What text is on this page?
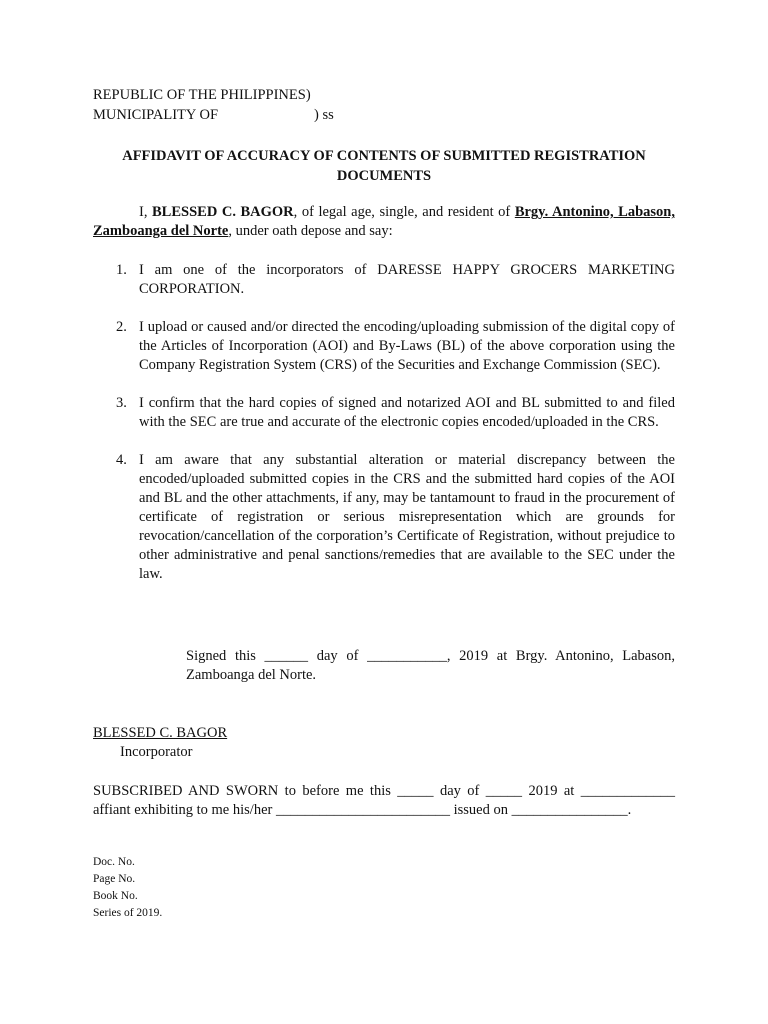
REPUBLIC OF THE PHILIPPINES)
MUNICIPALITY OF	) ss
AFFIDAVIT OF ACCURACY OF CONTENTS OF SUBMITTED REGISTRATION DOCUMENTS
I, BLESSED C. BAGOR, of legal age, single, and resident of Brgy. Antonino, Labason, Zamboanga del Norte, under oath depose and say:
1. I am one of the incorporators of DARESSE HAPPY GROCERS MARKETING CORPORATION.
2. I upload or caused and/or directed the encoding/uploading submission of the digital copy of the Articles of Incorporation (AOI) and By-Laws (BL) of the above corporation using the Company Registration System (CRS) of the Securities and Exchange Commission (SEC).
3. I confirm that the hard copies of signed and notarized AOI and BL submitted to and filed with the SEC are true and accurate of the electronic copies encoded/uploaded in the CRS.
4. I am aware that any substantial alteration or material discrepancy between the encoded/uploaded submitted copies in the CRS and the submitted hard copies of the AOI and BL and the other attachments, if any, may be tantamount to fraud in the procurement of certificate of registration or serious misrepresentation which are grounds for revocation/cancellation of the corporation’s Certificate of Registration, without prejudice to other administrative and penal sanctions/remedies that are available to the SEC under the law.
Signed this ______ day of ___________, 2019 at Brgy. Antonino, Labason, Zamboanga del Norte.
BLESSED C. BAGOR
Incorporator
SUBSCRIBED AND SWORN to before me this _____ day of _____ 2019 at _____________ affiant exhibiting to me his/her ________________________ issued on ________________.
Doc. No.
Page No.
Book No.
Series of 2019.
